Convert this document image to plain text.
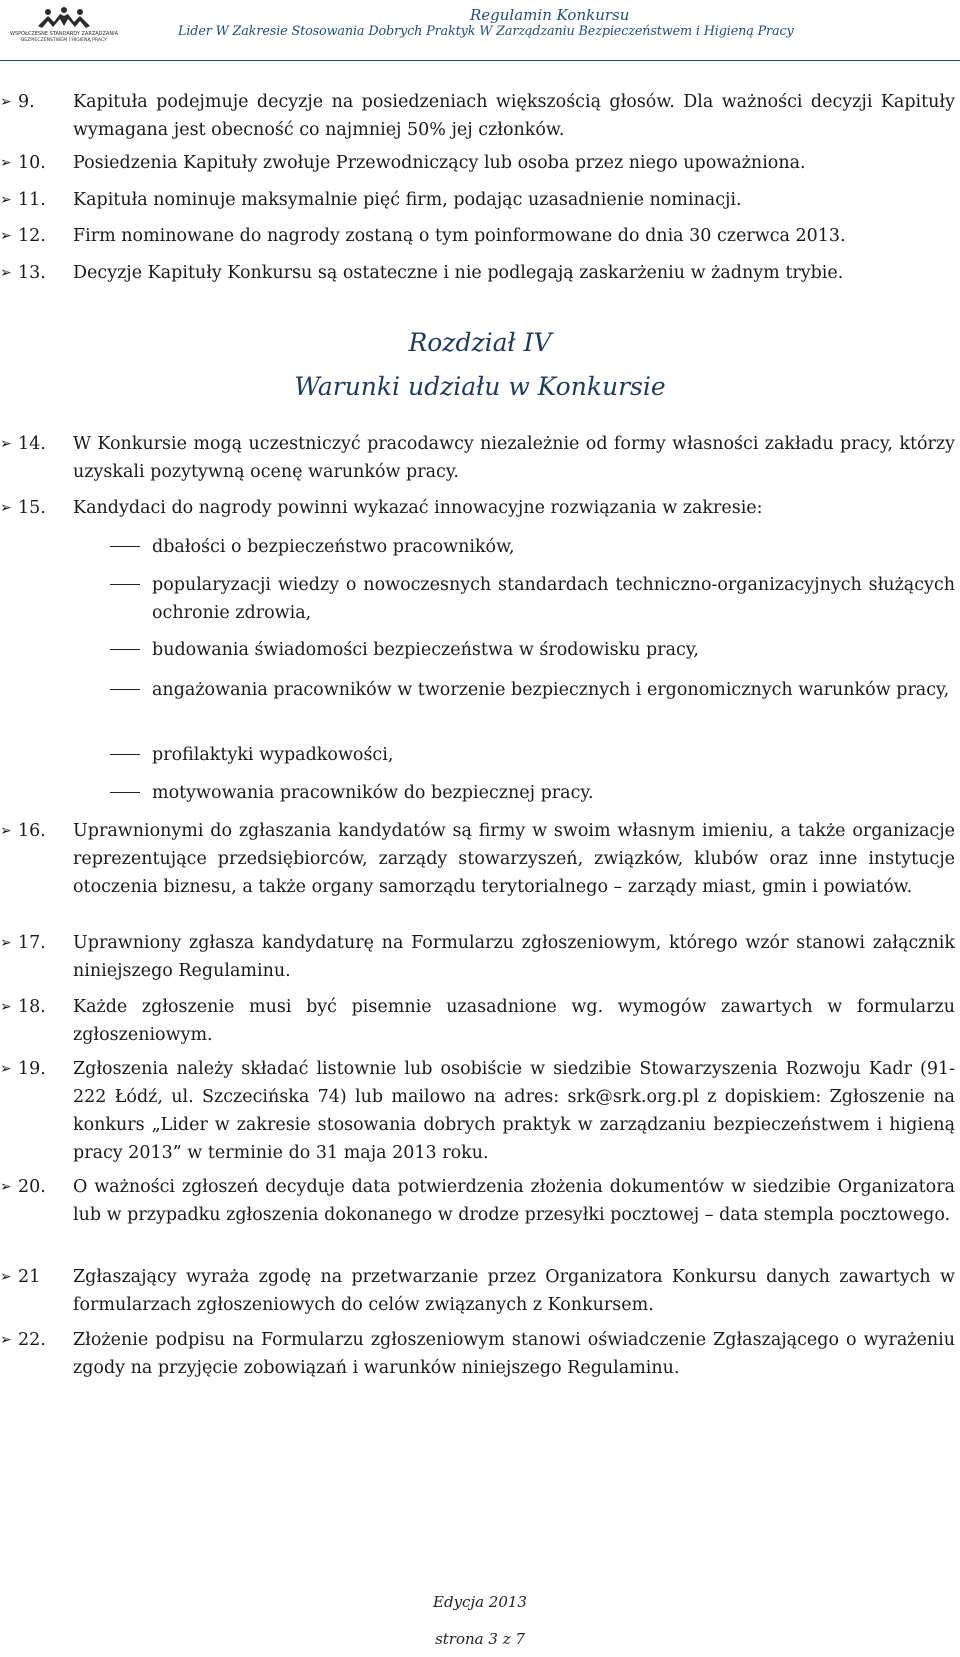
WSPÓŁCZESNE STANDARDY ZARZĄDZANIA
BEZPIECZEŃSTWEM I HIGIENĄ PRACY
Regulamin Konkursu
Lider W Zakresie Stosowania Dobrych Praktyk W Zarządzaniu Bezpieczeństwem i Higieną Pracy
➢ 9. Kapituła podejmuje decyzje na posiedzeniach większością głosów. Dla ważności decyzji Kapituły wymagana jest obecność co najmniej 50% jej członków.
➢ 10. Posiedzenia Kapituły zwołuje Przewodniczący lub osoba przez niego upoważniona.
➢ 11. Kapituła nominuje maksymalnie pięć firm, podając uzasadnienie nominacji.
➢ 12. Firm nominowane do nagrody zostaną o tym poinformowane do dnia 30 czerwca 2013.
➢ 13. Decyzje Kapituły Konkursu są ostateczne i nie podlegają zaskarżeniu w żadnym trybie.
Rozdział IV
Warunki udziału w Konkursie
➢ 14. W Konkursie mogą uczestniczyć pracodawcy niezależnie od formy własności zakładu pracy, którzy uzyskali pozytywną ocenę warunków pracy.
➢ 15. Kandydaci do nagrody powinni wykazać innowacyjne rozwiązania w zakresie:
dbałości o bezpieczeństwo pracowników,
popularyzacji wiedzy o nowoczesnych standardach techniczno-organizacyjnych służących ochronie zdrowia,
budowania świadomości bezpieczeństwa w środowisku pracy,
angażowania pracowników w tworzenie bezpiecznych i ergonomicznych warunków pracy,
profilaktyki wypadkowości,
motywowania pracowników do bezpiecznej pracy.
➢ 16. Uprawnionymi do zgłaszania kandydatów są firmy w swoim własnym imieniu, a także organizacje reprezentujące przedsiębiorców, zarządy stowarzyszeń, związków, klubów oraz inne instytucje otoczenia biznesu, a także organy samorządu terytorialnego – zarządy miast, gmin i powiatów.
➢ 17. Uprawniony zgłasza kandydaturę na Formularzu zgłoszeniowym, którego wzór stanowi załącznik niniejszego Regulaminu.
➢ 18. Każde zgłoszenie musi być pisemnie uzasadnione wg. wymogów zawartych w formularzu zgłoszeniowym.
➢ 19. Zgłoszenia należy składać listownie lub osobiście w siedzibie Stowarzyszenia Rozwoju Kadr (91-222 Łódź, ul. Szczecińska 74) lub mailowo na adres: srk@srk.org.pl z dopiskiem: Zgłoszenie na konkurs „Lider w zakresie stosowania dobrych praktyk w zarządzaniu bezpieczeństwem i higieną pracy 2013” w terminie do 31 maja 2013 roku.
➢ 20. O ważności zgłoszeń decyduje data potwierdzenia złożenia dokumentów w siedzibie Organizatora lub w przypadku zgłoszenia dokonanego w drodze przesyłki pocztowej – data stempla pocztowego.
➢ 21 Zgłaszający wyraża zgodę na przetwarzanie przez Organizatora Konkursu danych zawartych w formularzach zgłoszeniowych do celów związanych z Konkursem.
➢ 22. Złożenie podpisu na Formularzu zgłoszeniowym stanowi oświadczenie Zgłaszającego o wyrażeniu zgody na przyjęcie zobowiązań i warunków niniejszego Regulaminu.
Edycja 2013
strona 3 z 7
